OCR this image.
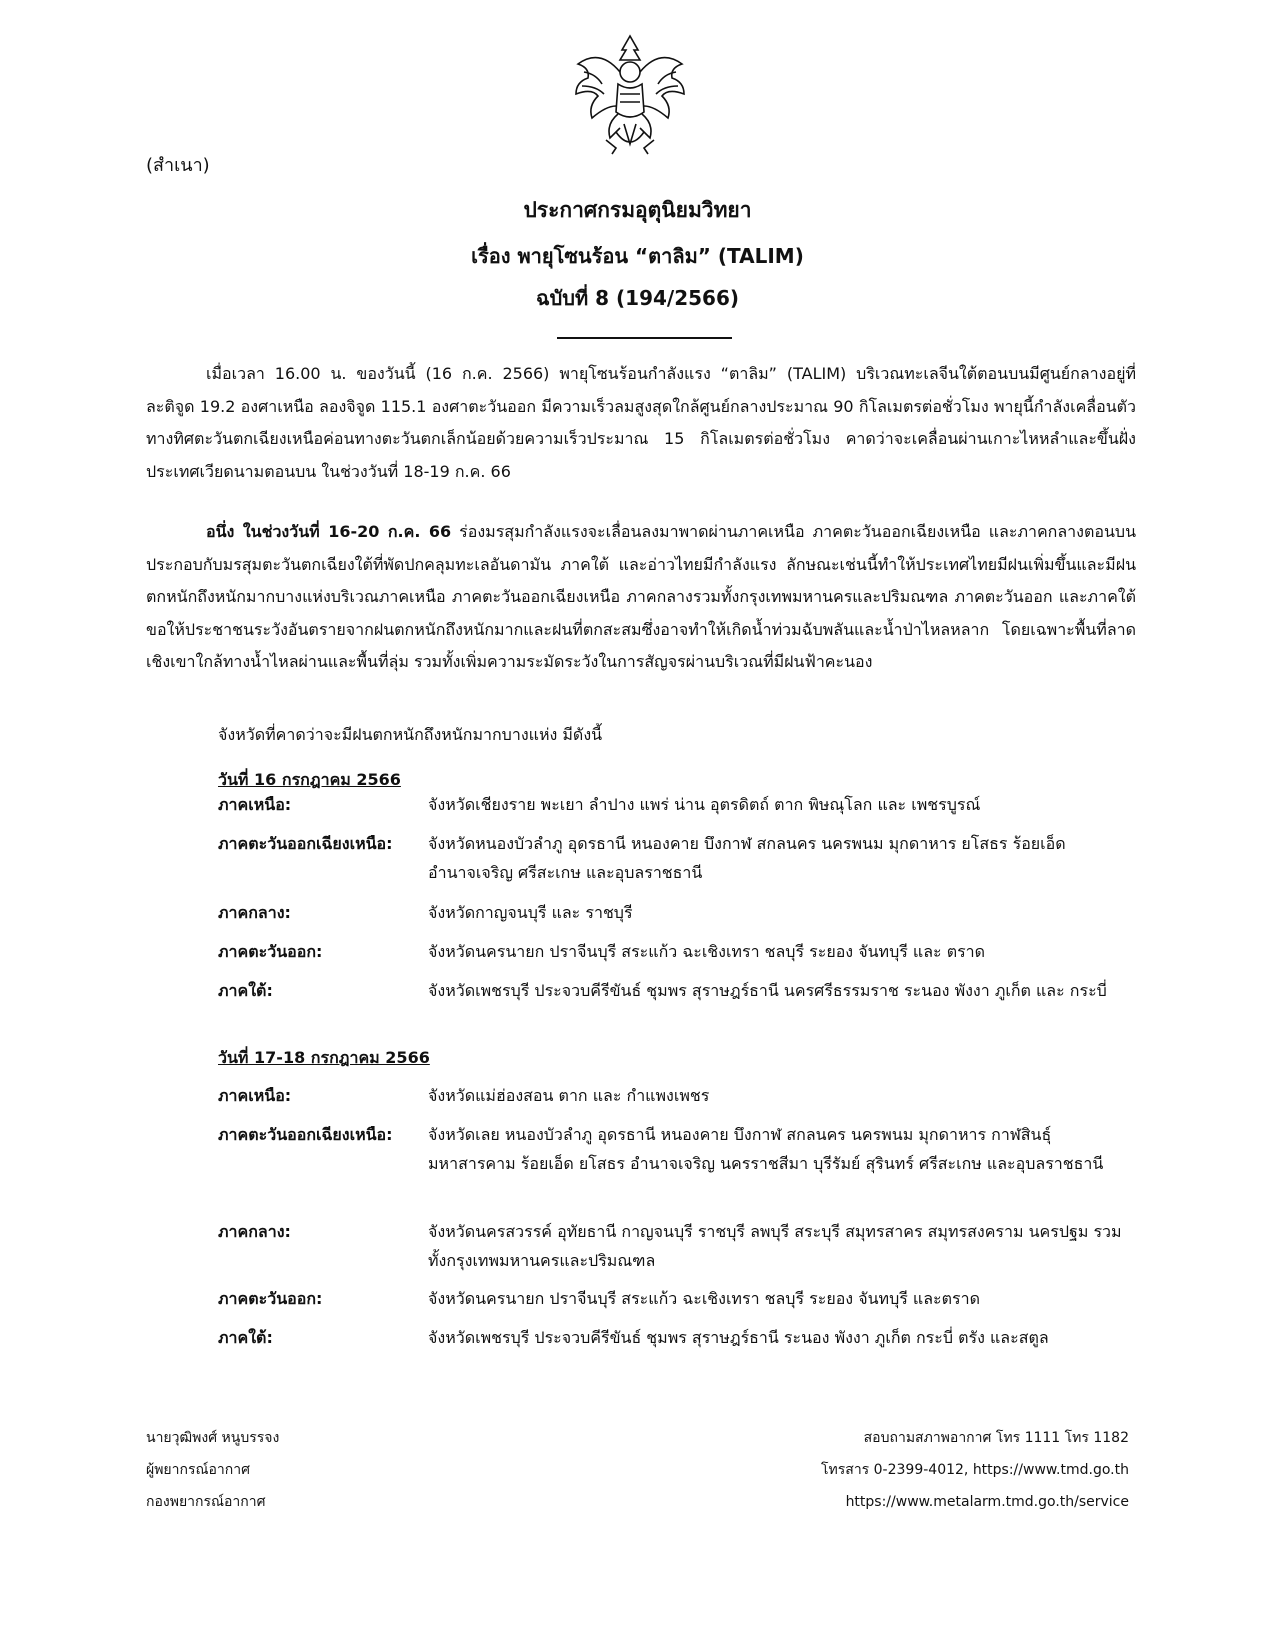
(สำเนา)
ประกาศกรมอุตุนิยมวิทยา
เรื่อง พายุโซนร้อน “ตาลิม” (TALIM)
ฉบับที่ 8 (194/2566)
เมื่อเวลา 16.00 น. ของวันนี้ (16 ก.ค. 2566) พายุโซนร้อนกำลังแรง “ตาลิม” (TALIM) บริเวณทะเลจีนใต้ตอนบนมีศูนย์กลางอยู่ที่ละติจูด 19.2 องศาเหนือ ลองจิจูด 115.1 องศาตะวันออก มีความเร็วลมสูงสุดใกล้ศูนย์กลางประมาณ 90 กิโลเมตรต่อชั่วโมง พายุนี้กำลังเคลื่อนตัวทางทิศตะวันตกเฉียงเหนือค่อนทางตะวันตกเล็กน้อยด้วยความเร็วประมาณ 15 กิโลเมตรต่อชั่วโมง คาดว่าจะเคลื่อนผ่านเกาะไหหลำและขึ้นฝั่งประเทศเวียดนามตอนบน ในช่วงวันที่ 18-19 ก.ค. 66
อนึ่ง ในช่วงวันที่ 16-20 ก.ค. 66 ร่องมรสุมกำลังแรงจะเลื่อนลงมาพาดผ่านภาคเหนือ ภาคตะวันออกเฉียงเหนือ และภาคกลางตอนบน ประกอบกับมรสุมตะวันตกเฉียงใต้ที่พัดปกคลุมทะเลอันดามัน ภาคใต้ และอ่าวไทยมีกำลังแรง ลักษณะเช่นนี้ทำให้ประเทศไทยมีฝนเพิ่มขึ้นและมีฝนตกหนักถึงหนักมากบางแห่งบริเวณภาคเหนือ ภาคตะวันออกเฉียงเหนือ ภาคกลางรวมทั้งกรุงเทพมหานครและปริมณฑล ภาคตะวันออก และภาคใต้ ขอให้ประชาชนระวังอันตรายจากฝนตกหนักถึงหนักมากและฝนที่ตกสะสมซึ่งอาจทำให้เกิดน้ำท่วมฉับพลันและน้ำป่าไหลหลาก โดยเฉพาะพื้นที่ลาดเชิงเขาใกล้ทางน้ำไหลผ่านและพื้นที่ลุ่ม รวมทั้งเพิ่มความระมัดระวังในการสัญจรผ่านบริเวณที่มีฝนฟ้าคะนอง
จังหวัดที่คาดว่าจะมีฝนตกหนักถึงหนักมากบางแห่ง มีดังนี้
วันที่ 16 กรกฎาคม 2566
ภาคเหนือ:	จังหวัดเชียงราย พะเยา ลำปาง แพร่ น่าน อุตรดิตถ์ ตาก พิษณุโลก และ เพชรบูรณ์
ภาคตะวันออกเฉียงเหนือ:	จังหวัดหนองบัวลำภู อุดรธานี หนองคาย บึงกาฬ สกลนคร นครพนม มุกดาหาร ยโสธร ร้อยเอ็ด อำนาจเจริญ ศรีสะเกษ และอุบลราชธานี
ภาคกลาง:	จังหวัดกาญจนบุรี และ ราชบุรี
ภาคตะวันออก:	จังหวัดนครนายก ปราจีนบุรี สระแก้ว ฉะเชิงเทรา ชลบุรี ระยอง จันทบุรี และ ตราด
ภาคใต้:	จังหวัดเพชรบุรี ประจวบคีรีขันธ์ ชุมพร สุราษฎร์ธานี นครศรีธรรมราช ระนอง พังงา ภูเก็ต และ กระบี่
วันที่ 17-18 กรกฎาคม 2566
ภาคเหนือ:	จังหวัดแม่ฮ่องสอน ตาก และ กำแพงเพชร
ภาคตะวันออกเฉียงเหนือ:	จังหวัดเลย หนองบัวลำภู อุดรธานี หนองคาย บึงกาฬ สกลนคร นครพนม มุกดาหาร กาฬสินธุ์ มหาสารคาม ร้อยเอ็ด ยโสธร อำนาจเจริญ นครราชสีมา บุรีรัมย์ สุรินทร์ ศรีสะเกษ และอุบลราชธานี
ภาคกลาง:	จังหวัดนครสวรรค์ อุทัยธานี กาญจนบุรี ราชบุรี ลพบุรี สระบุรี สมุทรสาคร สมุทรสงคราม นครปฐม รวมทั้งกรุงเทพมหานครและปริมณฑล
ภาคตะวันออก:	จังหวัดนครนายก ปราจีนบุรี สระแก้ว ฉะเชิงเทรา ชลบุรี ระยอง จันทบุรี และตราด
ภาคใต้:	จังหวัดเพชรบุรี ประจวบคีรีขันธ์ ชุมพร สุราษฎร์ธานี ระนอง พังงา ภูเก็ต กระบี่ ตรัง และสตูล
นายวุฒิพงศ์ หนูบรรจง
ผู้พยากรณ์อากาศ
กองพยากรณ์อากาศ
สอบถามสภาพอากาศ โทร 1111 โทร 1182
โทรสาร 0-2399-4012, https://www.tmd.go.th
https://www.metalarm.tmd.go.th/service
